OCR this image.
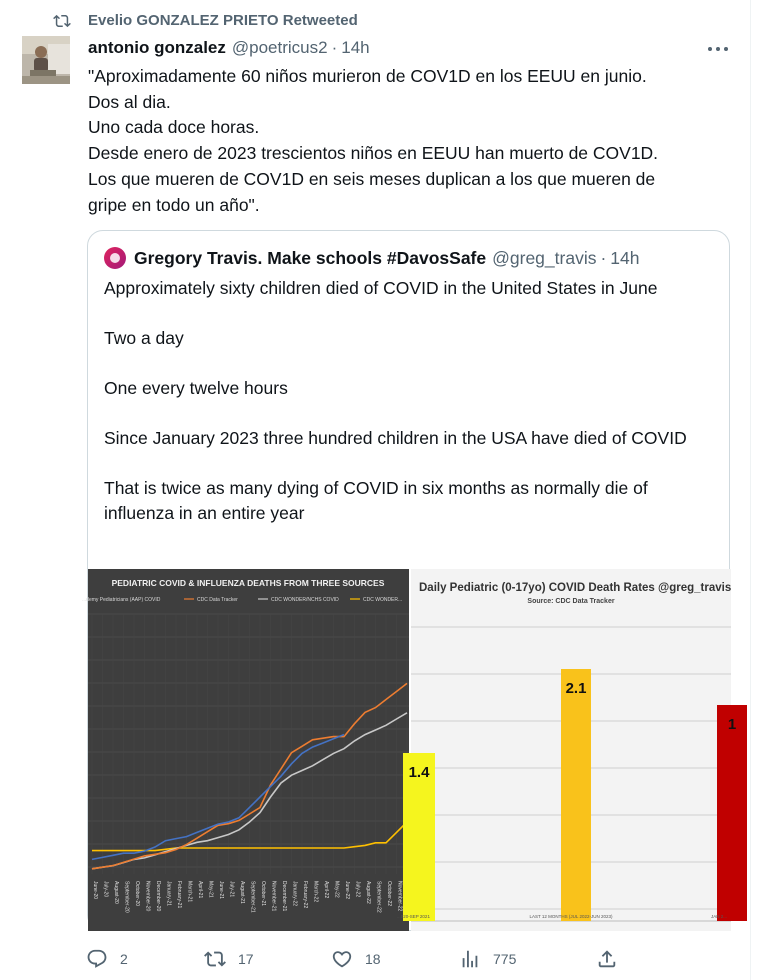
Evelio GONZALEZ PRIETO Retweeted
antonio gonzalez @poetricus2 · 14h

"Aproximadamente 60 niños murieron de COV1D en los EEUU en junio.

Dos al dia.

Uno cada doce horas.

Desde enero de 2023 trescientos niños en EEUU han muerto de COV1D.

Los que mueren de COV1D en seis meses duplican a los que mueren de

gripe en todo un año".

Gregory Travis. Make schools #DavosSafe @greg_travis · 14h

Approximately sixty children died of COVID in the United States in June

Two a day

One every twelve hours

Since January 2023 three hundred children in the USA have died of COVID

That is twice as many dying of COVID in six months as normally die of influenza in an entire year

PEDIATRIC COVID & INFLUENZA DEATHS FROM THREE SOURCES
...demy Pediatricians (AAP) COVID	CDC Data Tracker	CDC WONDER/NCHS COVID	CDC WONDER...
June-20 July-20 August-20 September-20 October-20 November-20 December-20 January-21 February-21 March-21 April-21 May-21 June-21 July-21 August-21 September-21 October-21 November-21 December-21 January-22 February-22 March-22 April-22 May-22 June-22 July-22 August-22 September-22 October-22 November-22
Daily Pediatric (0-17yo) COVID Death Rates @greg_travis
Source: CDC Data Tracker
1.4
...020-SEP 2021
2.1
LAST 12 MONTHS (JUL 2022-JUN 2023)
1
JAN 2...
2	17	18	775
